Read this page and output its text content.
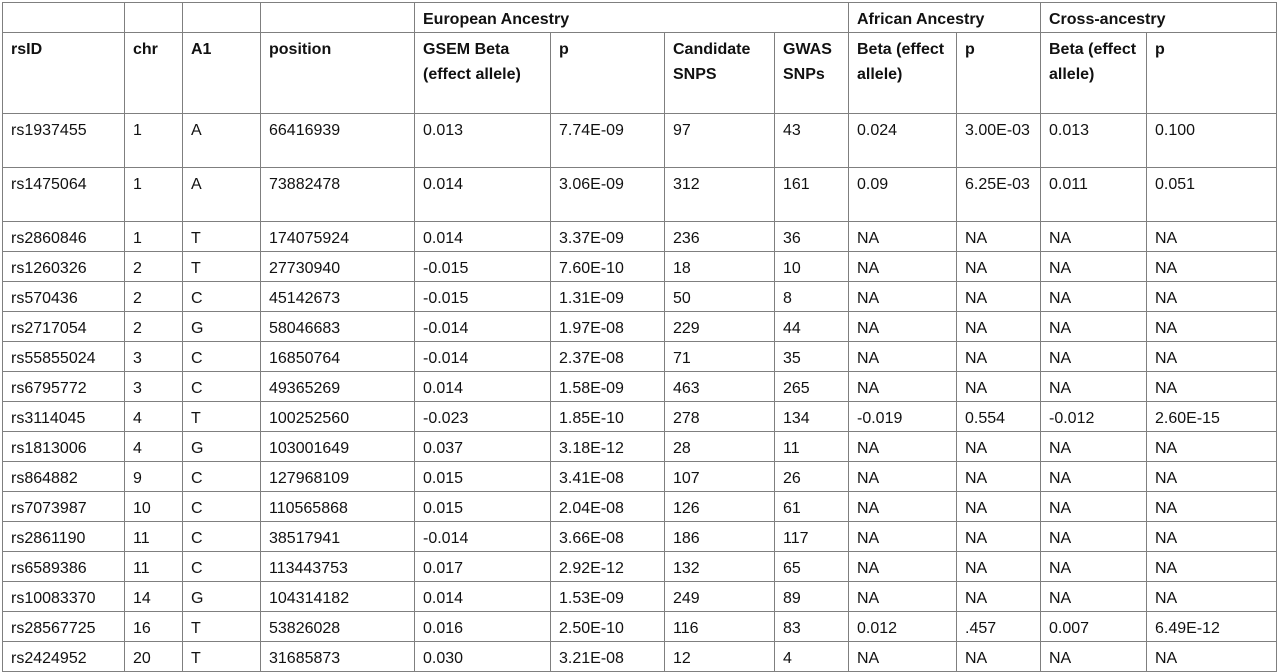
				European Ancestry				African Ancestry		Cross-ancestry	
rsID	chr	A1	position	GSEM Beta (effect allele)	p	Candidate SNPS	GWAS SNPs	Beta (effect allele)	p	Beta (effect allele)	p
rs1937455	1	A	66416939	0.013	7.74E-09	97	43	0.024	3.00E-03	0.013	0.100
rs1475064	1	A	73882478	0.014	3.06E-09	312	161	0.09	6.25E-03	0.011	0.051
rs2860846	1	T	174075924	0.014	3.37E-09	236	36	NA	NA	NA	NA
rs1260326	2	T	27730940	-0.015	7.60E-10	18	10	NA	NA	NA	NA
rs570436	2	C	45142673	-0.015	1.31E-09	50	8	NA	NA	NA	NA
rs2717054	2	G	58046683	-0.014	1.97E-08	229	44	NA	NA	NA	NA
rs55855024	3	C	16850764	-0.014	2.37E-08	71	35	NA	NA	NA	NA
rs6795772	3	C	49365269	0.014	1.58E-09	463	265	NA	NA	NA	NA
rs3114045	4	T	100252560	-0.023	1.85E-10	278	134	-0.019	0.554	-0.012	2.60E-15
rs1813006	4	G	103001649	0.037	3.18E-12	28	11	NA	NA	NA	NA
rs864882	9	C	127968109	0.015	3.41E-08	107	26	NA	NA	NA	NA
rs7073987	10	C	110565868	0.015	2.04E-08	126	61	NA	NA	NA	NA
rs2861190	11	C	38517941	-0.014	3.66E-08	186	117	NA	NA	NA	NA
rs6589386	11	C	113443753	0.017	2.92E-12	132	65	NA	NA	NA	NA
rs10083370	14	G	104314182	0.014	1.53E-09	249	89	NA	NA	NA	NA
rs28567725	16	T	53826028	0.016	2.50E-10	116	83	0.012	.457	0.007	6.49E-12
rs2424952	20	T	31685873	0.030	3.21E-08	12	4	NA	NA	NA	NA
